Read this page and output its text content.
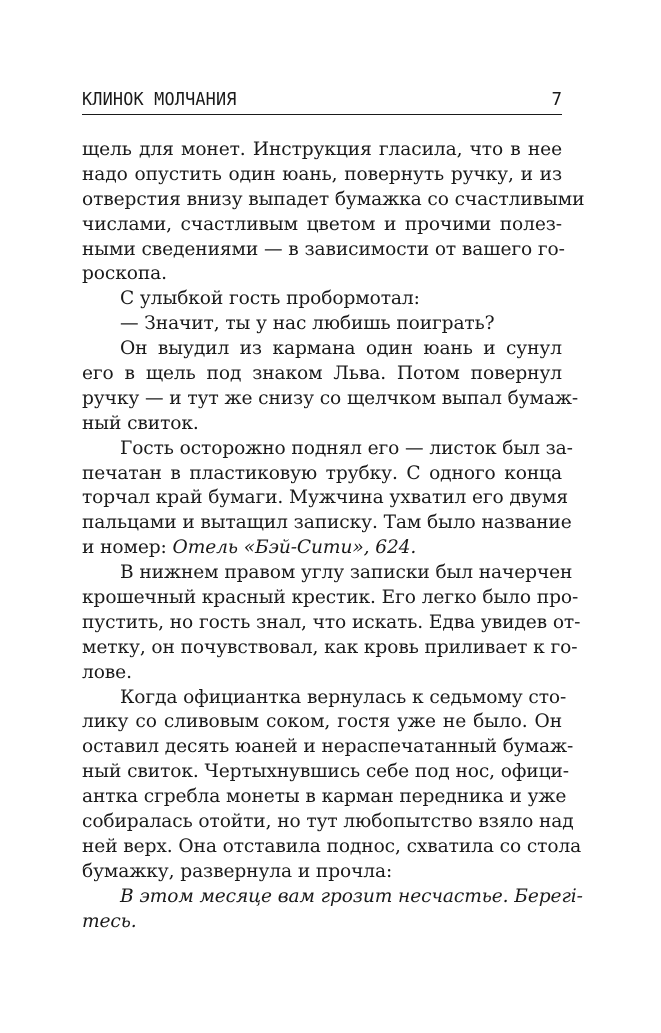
КЛИНОК МОЛЧАНИЯ	7
щель для монет. Инструкция гласила, что в нее
надо опустить один юань, повернуть ручку, и из
отверстия внизу выпадет бумажка со счастливыми
числами, счастливым цветом и прочими полез-
ными сведениями — в зависимости от вашего го-
роскопа.
С улыбкой гость пробормотал:
— Значит, ты у нас любишь поиграть?
Он выудил из кармана один юань и сунул
его в щель под знаком Льва. Потом повернул
ручку — и тут же снизу со щелчком выпал бумаж-
ный свиток.
Гость осторожно поднял его — листок был за-
печатан в пластиковую трубку. С одного конца
торчал край бумаги. Мужчина ухватил его двумя
пальцами и вытащил записку. Там было название
и номер: Отель «Бэй-Сити», 624.
В нижнем правом углу записки был начерчен
крошечный красный крестик. Его легко было про-
пустить, но гость знал, что искать. Едва увидев от-
метку, он почувствовал, как кровь приливает к го-
лове.
Когда официантка вернулась к седьмому сто-
лику со сливовым соком, гостя уже не было. Он
оставил десять юаней и нераспечатанный бумаж-
ный свиток. Чертыхнувшись себе под нос, офици-
антка сгребла монеты в карман передника и уже
собиралась отойти, но тут любопытство взяло над
ней верх. Она отставила поднос, схватила со стола
бумажку, развернула и прочла:
В этом месяце вам грозит несчастье. Берегi-
тесь.
